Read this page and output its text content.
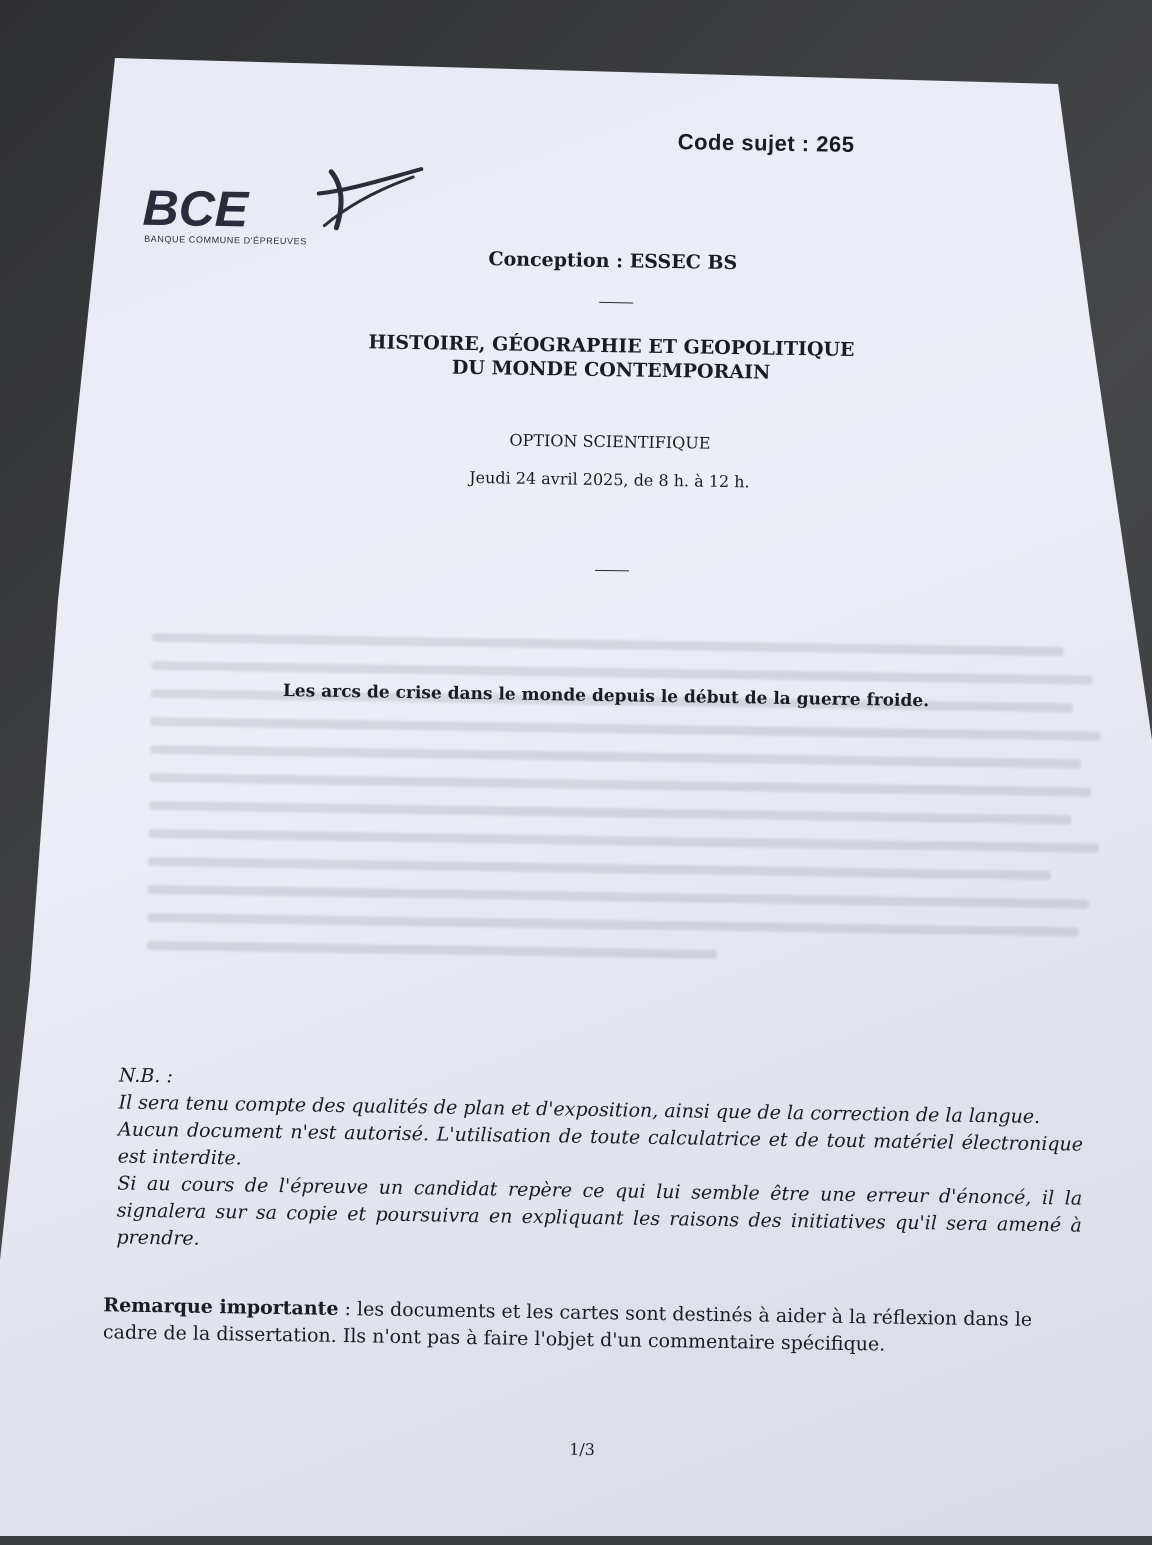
Code sujet : 265
BCE
BANQUE COMMUNE D'ÉPREUVES
Conception : ESSEC BS
HISTOIRE, GÉOGRAPHIE ET GEOPOLITIQUE
DU MONDE CONTEMPORAIN
OPTION SCIENTIFIQUE
Jeudi 24 avril 2025, de 8 h. à 12 h.
Les arcs de crise dans le monde depuis le début de la guerre froide.
N.B. :
Il sera tenu compte des qualités de plan et d'exposition, ainsi que de la correction de la langue.
Aucun document n'est autorisé. L'utilisation de toute calculatrice et de tout matériel électronique est interdite.
Si au cours de l'épreuve un candidat repère ce qui lui semble être une erreur d'énoncé, il la signalera sur sa copie et poursuivra en expliquant les raisons des initiatives qu'il sera amené à prendre.
Remarque importante : les documents et les cartes sont destinés à aider à la réflexion dans le cadre de la dissertation. Ils n'ont pas à faire l'objet d'un commentaire spécifique.
1/3
